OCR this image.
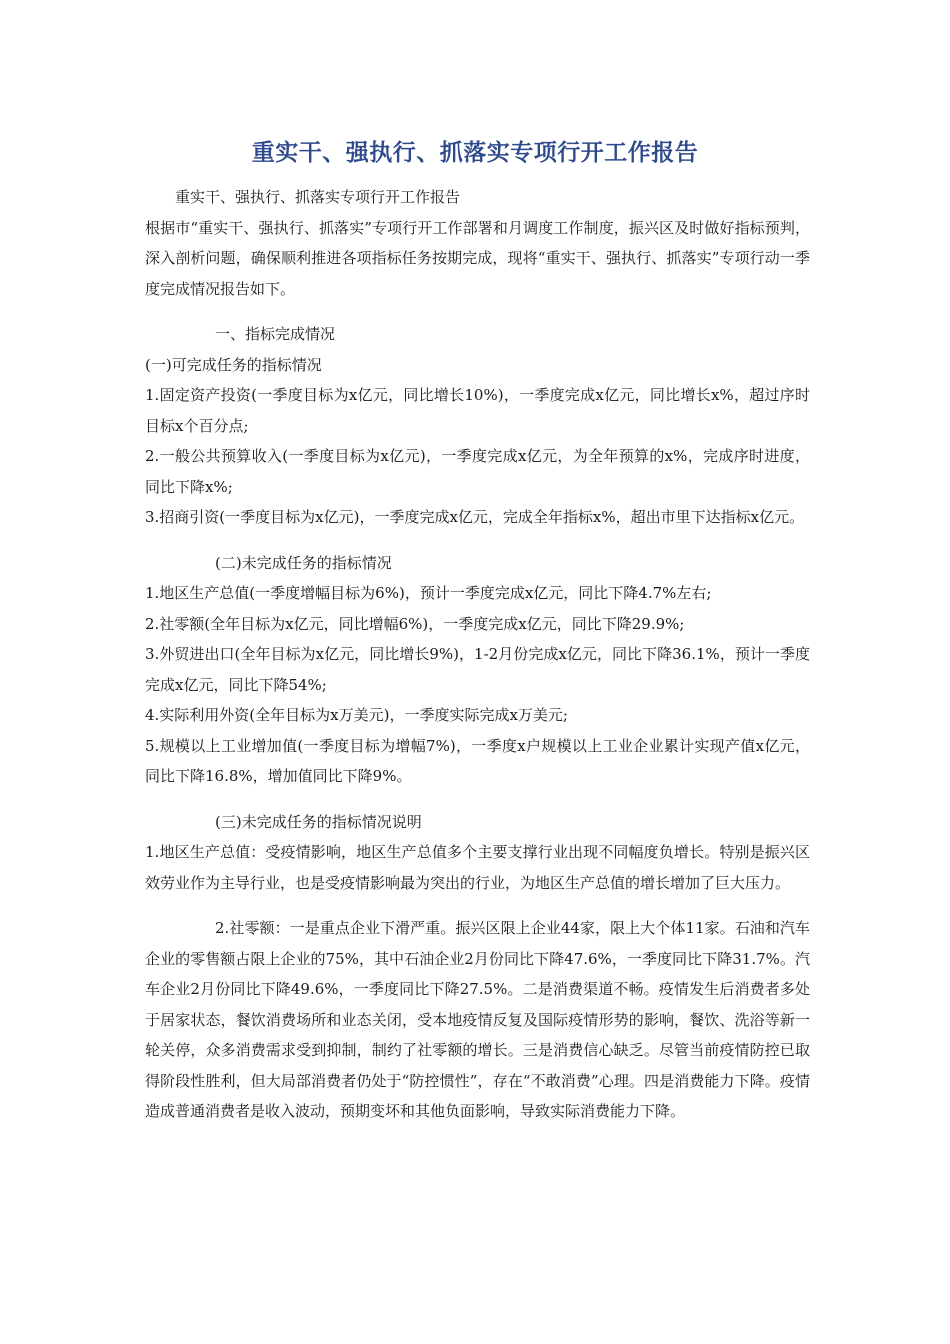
重实干、强执行、抓落实专项行开工作报告

重实干、强执行、抓落实专项行开工作报告

根据市“重实干、强执行、抓落实”专项行开工作部署和月调度工作制度，振兴区及时做好指标预判，深入剖析问题，确保顺利推进各项指标任务按期完成，现将“重实干、强执行、抓落实”专项行动一季度完成情况报告如下。

一、指标完成情况

(一)可完成任务的指标情况

1.固定资产投资(一季度目标为x亿元，同比增长10%)，一季度完成x亿元，同比增长x%，超过序时目标x个百分点;

2.一般公共预算收入(一季度目标为x亿元)，一季度完成x亿元，为全年预算的x%，完成序时进度，同比下降x%;

3.招商引资(一季度目标为x亿元)，一季度完成x亿元，完成全年指标x%，超出市里下达指标x亿元。

(二)未完成任务的指标情况

1.地区生产总值(一季度增幅目标为6%)，预计一季度完成x亿元，同比下降4.7%左右;

2.社零额(全年目标为x亿元，同比增幅6%)，一季度完成x亿元，同比下降29.9%;

3.外贸进出口(全年目标为x亿元，同比增长9%)，1-2月份完成x亿元，同比下降36.1%，预计一季度完成x亿元，同比下降54%;

4.实际利用外资(全年目标为x万美元)，一季度实际完成x万美元;

5.规模以上工业增加值(一季度目标为增幅7%)，一季度x户规模以上工业企业累计实现产值x亿元，同比下降16.8%，增加值同比下降9%。

(三)未完成任务的指标情况说明

1.地区生产总值：受疫情影响，地区生产总值多个主要支撑行业出现不同幅度负增长。特别是振兴区效劳业作为主导行业，也是受疫情影响最为突出的行业，为地区生产总值的增长增加了巨大压力。

2.社零额：一是重点企业下滑严重。振兴区限上企业44家，限上大个体11家。石油和汽车企业的零售额占限上企业的75%，其中石油企业2月份同比下降47.6%，一季度同比下降31.7%。汽车企业2月份同比下降49.6%，一季度同比下降27.5%。二是消费渠道不畅。疫情发生后消费者多处于居家状态，餐饮消费场所和业态关闭，受本地疫情反复及国际疫情形势的影响，餐饮、洗浴等新一轮关停，众多消费需求受到抑制，制约了社零额的增长。三是消费信心缺乏。尽管当前疫情防控已取得阶段性胜利，但大局部消费者仍处于“防控惯性”，存在“不敢消费”心理。四是消费能力下降。疫情造成普通消费者是收入波动，预期变坏和其他负面影响，导致实际消费能力下降。
